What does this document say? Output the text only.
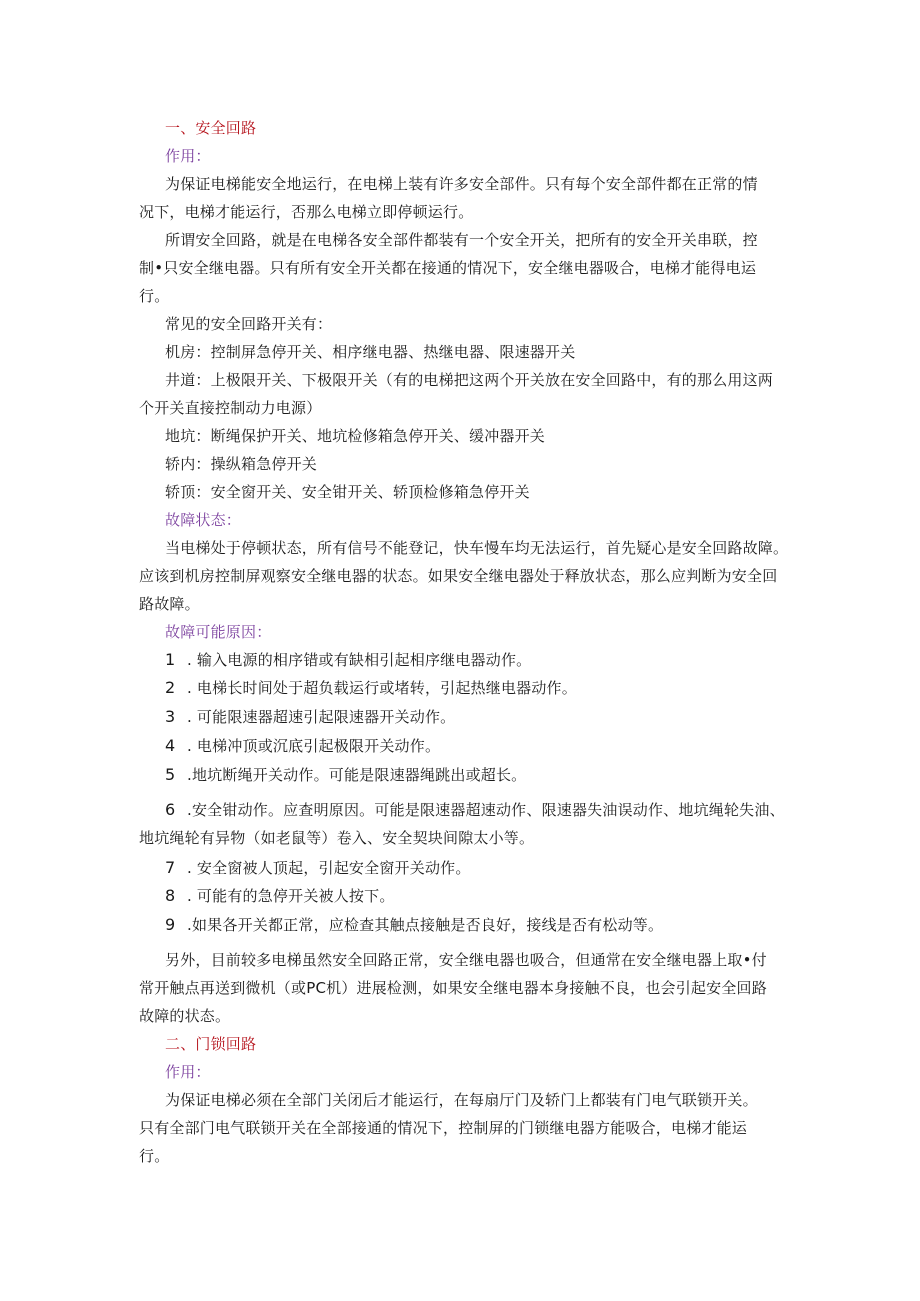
一、安全回路
作用：
为保证电梯能安全地运行，在电梯上装有许多安全部件。只有每个安全部件都在正常的情
况下，电梯才能运行，否那么电梯立即停顿运行。
所谓安全回路，就是在电梯各安全部件都装有一个安全开关，把所有的安全开关串联，控
制•只安全继电器。只有所有安全开关都在接通的情况下，安全继电器吸合，电梯才能得电运
行。
常见的安全回路开关有：
机房：控制屏急停开关、相序继电器、热继电器、限速器开关
井道：上极限开关、下极限开关（有的电梯把这两个开关放在安全回路中，有的那么用这两
个开关直接控制动力电源）
地坑：断绳保护开关、地坑检修箱急停开关、缓冲器开关
轿内：操纵箱急停开关
轿顶：安全窗开关、安全钳开关、轿顶检修箱急停开关
故障状态：
当电梯处于停顿状态，所有信号不能登记，快车慢车均无法运行，首先疑心是安全回路故障。
应该到机房控制屏观察安全继电器的状态。如果安全继电器处于释放状态，那么应判断为安全回
路故障。
故障可能原因：
1 . 输入电源的相序错或有缺相引起相序继电器动作。
2 . 电梯长时间处于超负载运行或堵转，引起热继电器动作。
3 . 可能限速器超速引起限速器开关动作。
4 . 电梯冲顶或沉底引起极限开关动作。
5 .地坑断绳开关动作。可能是限速器绳跳出或超长。
6 .安全钳动作。应查明原因。可能是限速器超速动作、限速器失油误动作、地坑绳轮失油、
地坑绳轮有异物（如老鼠等）卷入、安全契块间隙太小等。
7 . 安全窗被人顶起，引起安全窗开关动作。
8 . 可能有的急停开关被人按下。
9 .如果各开关都正常，应检查其触点接触是否良好，接线是否有松动等。
另外，目前较多电梯虽然安全回路正常，安全继电器也吸合，但通常在安全继电器上取•付
常开触点再送到微机（或PC机）进展检测，如果安全继电器本身接触不良，也会引起安全回路
故障的状态。
二、门锁回路
作用：
为保证电梯必须在全部门关闭后才能运行，在每扇厅门及轿门上都装有门电气联锁开关。
只有全部门电气联锁开关在全部接通的情况下，控制屏的门锁继电器方能吸合，电梯才能运
行。
